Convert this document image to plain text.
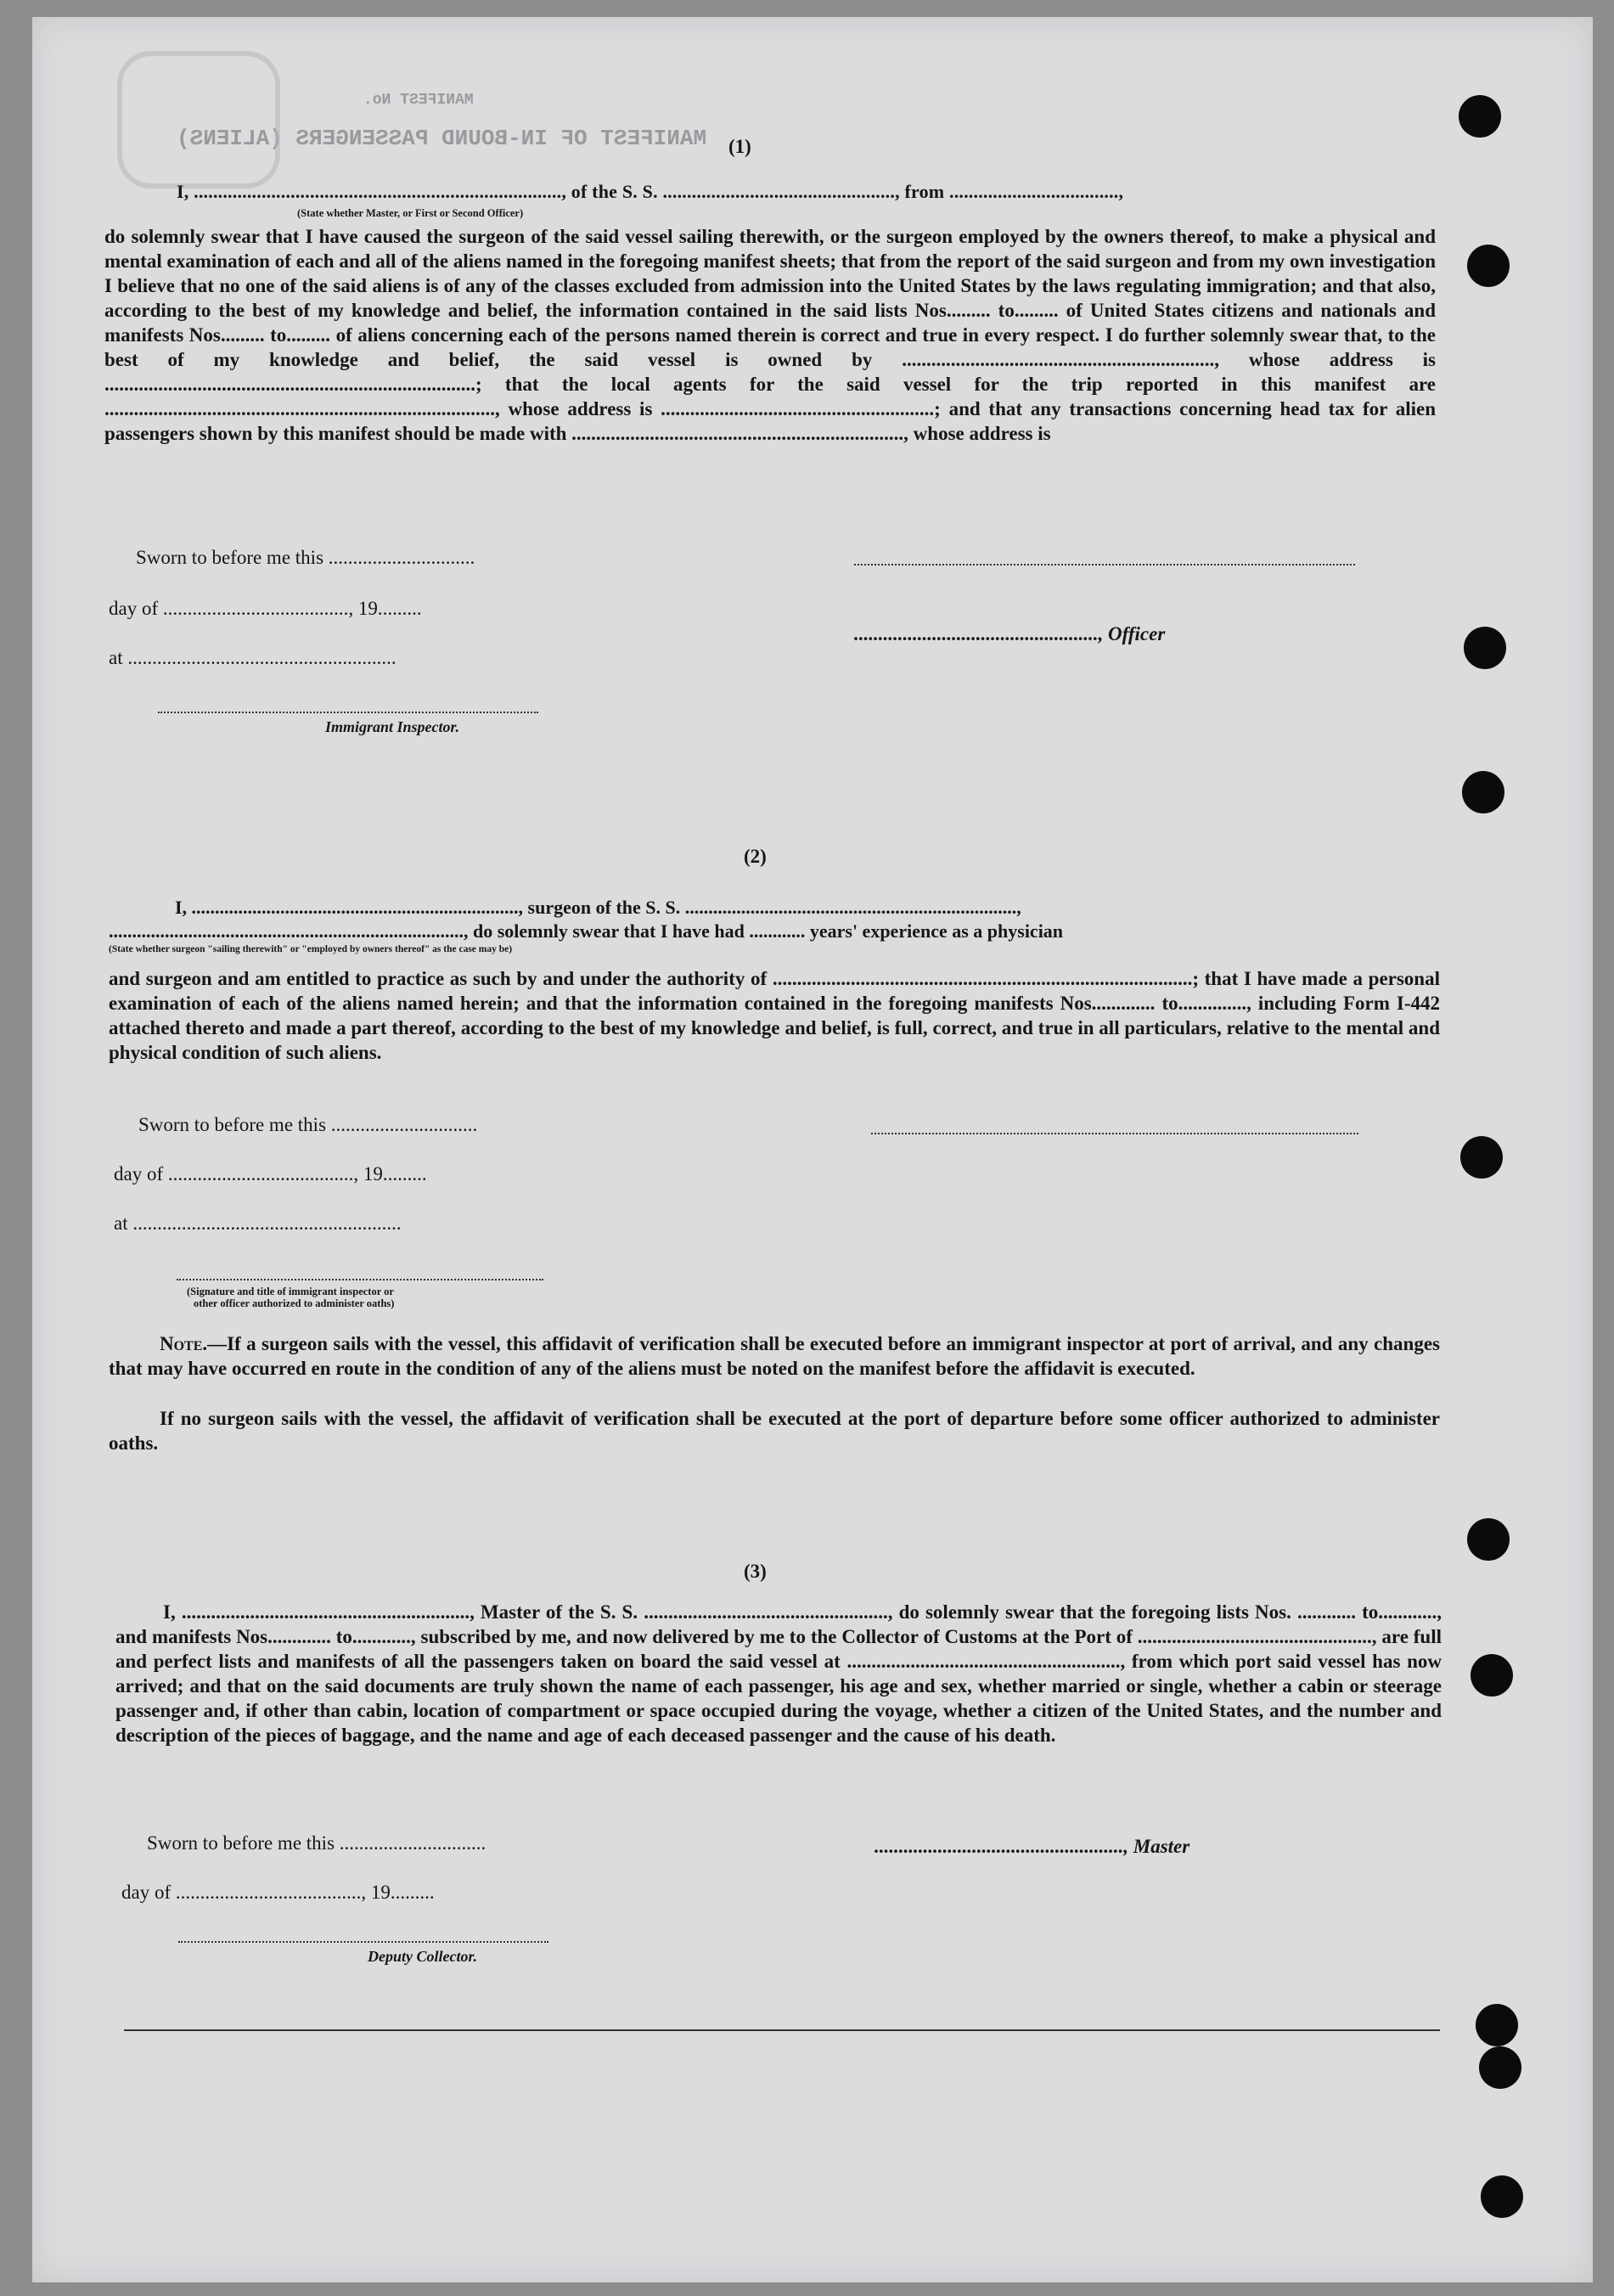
MANIFEST OF IN-BOUND PASSENGERS (ALIENS)
MANIFEST No.
(1)
I, ............................................................................, of the S. S. ................................................, from ...................................,
(State whether Master, or First or Second Officer)
do solemnly swear that I have caused the surgeon of the said vessel sailing therewith, or the surgeon employed by the owners thereof, to make a physical and mental examination of each and all of the aliens named in the foregoing manifest sheets; that from the report of the said surgeon and from my own investigation I believe that no one of the said aliens is of any of the classes excluded from admission into the United States by the laws regulating immigration; and that also, according to the best of my knowledge and belief, the information contained in the said lists Nos......... to......... of United States citizens and nationals and manifests Nos......... to......... of aliens concerning each of the persons named therein is correct and true in every respect. I do further solemnly swear that, to the best of my knowledge and belief, the said vessel is owned by ................................................................, whose address is ............................................................................; that the local agents for the said vessel for the trip reported in this manifest are ................................................................................, whose address is ........................................................; and that any transactions concerning head tax for alien passengers shown by this manifest should be made with ...................................................................., whose address is
Sworn to before me this ..............................
day of ......................................, 19.........
at .......................................................
Immigrant Inspector.
.................................................., Officer
(2)
I, ......................................................................, surgeon of the S. S. .......................................................................,
............................................................................, do solemnly swear that I have had ............ years' experience as a physician
(State whether surgeon "sailing therewith" or "employed by owners thereof" as the case may be)
and surgeon and am entitled to practice as such by and under the authority of ......................................................................................; that I have made a personal examination of each of the aliens named herein; and that the information contained in the foregoing manifests Nos............. to.............., including Form I-442 attached thereto and made a part thereof, according to the best of my knowledge and belief, is full, correct, and true in all particulars, relative to the mental and physical condition of such aliens.
Sworn to before me this ..............................
day of ......................................, 19.........
at .......................................................
(Signature and title of immigrant inspector or
other officer authorized to administer oaths)
Note.—If a surgeon sails with the vessel, this affidavit of verification shall be executed before an immigrant inspector at port of arrival, and any changes that may have occurred en route in the condition of any of the aliens must be noted on the manifest before the affidavit is executed.
If no surgeon sails with the vessel, the affidavit of verification shall be executed at the port of departure before some officer authorized to administer oaths.
(3)
I, ..........................................................., Master of the S. S. .................................................., do solemnly swear that the foregoing lists Nos. ............ to............, and manifests Nos............. to............, subscribed by me, and now delivered by me to the Collector of Customs at the Port of ................................................, are full and perfect lists and manifests of all the passengers taken on board the said vessel at ........................................................, from which port said vessel has now arrived; and that on the said documents are truly shown the name of each passenger, his age and sex, whether married or single, whether a cabin or steerage passenger and, if other than cabin, location of compartment or space occupied during the voyage, whether a citizen of the United States, and the number and description of the pieces of baggage, and the name and age of each deceased passenger and the cause of his death.
Sworn to before me this ..............................
day of ......................................, 19.........
Deputy Collector.
..................................................., Master
